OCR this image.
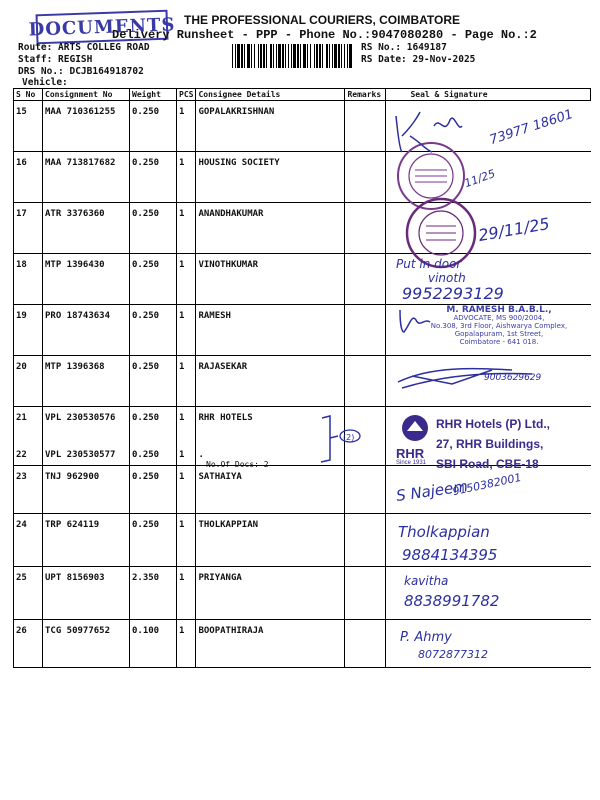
DOCUMENTS THE PROFESSIONAL COURIERS, COIMBATORE
Delivery Runsheet - PPP - Phone No.:9047080280 - Page No.:2
Route: ARTS COLLEG ROAD
Staff: REGISH
DRS No.: DCJB164918702
Vehicle:
RS No.: 1649187
RS Date: 29-Nov-2025
S No	Consignment No	Weight	PCS	Consignee Details	Remarks	Seal & Signature
15	MAA 710361255	0.250	1	GOPALAKRISHNAN		
16	MAA 713817682	0.250	1	HOUSING SOCIETY		
17	ATR 3376360	0.250	1	ANANDHAKUMAR		
18	MTP 1396430	0.250	1	VINOTHKUMAR		
19	PRO 18743634	0.250	1	RAMESH		
20	MTP 1396368	0.250	1	RAJASEKAR		
21	VPL 230530576	0.250	1	RHR HOTELS		
22	VPL 230530577	0.250	1	.		
23	TNJ 962900	0.250	1	SATHAIYA		
24	TRP 624119	0.250	1	THOLKAPPIAN		
25	UPT 8156903	2.350	1	PRIYANGA		
26	TCG 50977652	0.100	1	BOOPATHIRAJA		
No.Of Docs: 2
(2)
M. RAMESH B.A.B.L.,
ADVOCATE, MS 900/2004,
No.308, 3rd Floor, Aishwarya Complex,
Gopalapuram, 1st Street,
Coimbatore - 641 018.
RHR
Since 1931
RHR Hotels (P) Ltd.,
27, RHR Buildings,
SBI Road, CBE-18
73977 18601
11/25
29/11/25
Put in door
vinoth
9952293129
9003629629
S Najeem
9150382001
Tholkappian
9884134395
kavitha
8838991782
P. Ahmy
8072877312
